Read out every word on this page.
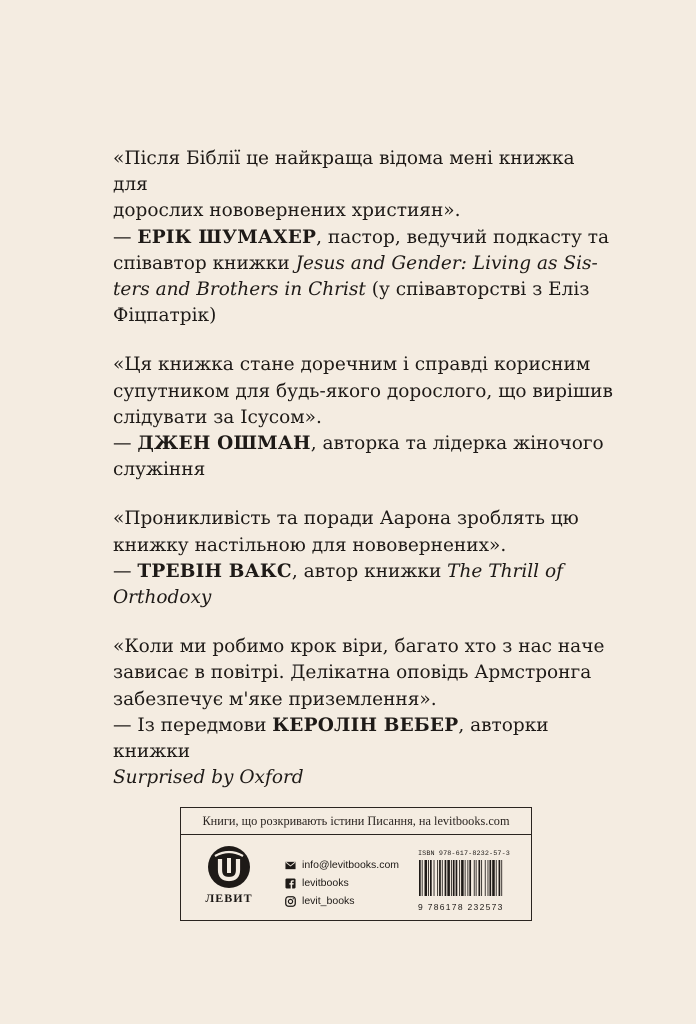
«Після Біблії це найкраща відома мені книжка для

дорослих нововернених християн».

— ЕРІК ШУМАХЕР, пастор, ведучий подкасту та

співавтор книжки Jesus and Gender: Living as Sis-

ters and Brothers in Christ (у співавторстві з Еліз

Фіцпатрік)

«Ця книжка стане доречним і справді корисним

супутником для будь-якого дорослого, що вирішив

слідувати за Ісусом».

— ДЖЕН ОШМАН, авторка та лідерка жіночого

служіння

«Проникливість та поради Аарона зроблять цю

книжку настільною для нововернених».

— ТРЕВІН ВАКС, автор книжки The Thrill of Orthodoxy

«Коли ми робимо крок віри, багато хто з нас наче

зависає в повітрі. Делікатна оповідь Армстронга

забезпечує м'яке приземлення».

— Із передмови КЕРОЛІН ВЕБЕР, авторки книжки

Surprised by Oxford

Книги, що розкривають істини Писання, на levitbooks.com
ЛЕВИТ
info@levitbooks.com
levitbooks
levit_books
ISBN 978-617-8232-57-3
9 786178 232573
